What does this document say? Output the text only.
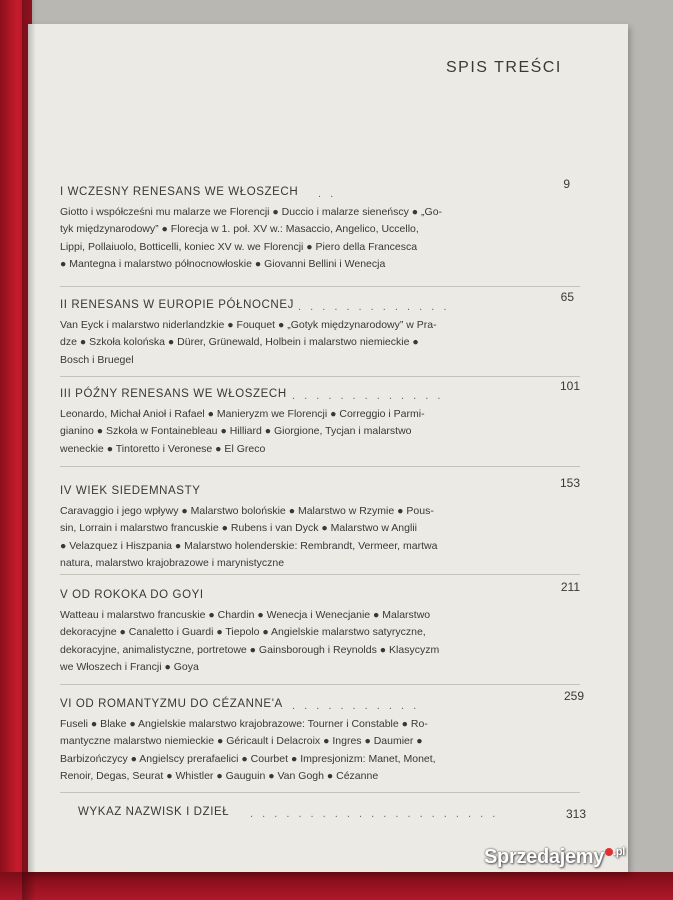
SPIS TREŚCI
I WCZESNY RENESANS WE WŁOSZECH . .
9
Giotto i współcześni mu malarze we Florencji ● Duccio i malarze sieneńscy ● „Go-
tyk międzynarodowy” ● Florecja w 1. poł. XV w.: Masaccio, Angelico, Uccello,
Lippi, Pollaiuolo, Botticelli, koniec XV w. we Florencji ● Piero della Francesca
● Mantegna i malarstwo północnowłoskie ● Giovanni Bellini i Wenecja
II RENESANS W EUROPIE PÓŁNOCNEJ . . . . . . . . . . . . .
65
Van Eyck i malarstwo niderlandzkie ● Fouquet ● „Gotyk międzynarodowy” w Pra-
dze ● Szkoła kolońska ● Dürer, Grünewald, Holbein i malarstwo niemieckie ●
Bosch i Bruegel
III PÓŹNY RENESANS WE WŁOSZECH . . . . . . . . . . . . .
101
Leonardo, Michał Anioł i Rafael ● Manieryzm we Florencji ● Correggio i Parmi-
gianino ● Szkoła w Fontainebleau ● Hilliard ● Giorgione, Tycjan i malarstwo
weneckie ● Tintoretto i Veronese ● El Greco
IV WIEK SIEDEMNASTY
153
Caravaggio i jego wpływy ● Malarstwo bolońskie ● Malarstwo w Rzymie ● Pous-
sin, Lorrain i malarstwo francuskie ● Rubens i van Dyck ● Malarstwo w Anglii
● Velazquez i Hiszpania ● Malarstwo holenderskie: Rembrandt, Vermeer, martwa
natura, malarstwo krajobrazowe i marynistyczne
V OD ROKOKA DO GOYI
211
Watteau i malarstwo francuskie ● Chardin ● Wenecja i Wenecjanie ● Malarstwo
dekoracyjne ● Canaletto i Guardi ● Tiepolo ● Angielskie malarstwo satyryczne,
dekoracyjne, animalistyczne, portretowe ● Gainsborough i Reynolds ● Klasycyzm
we Włoszech i Francji ● Goya
VI OD ROMANTYZMU DO CÉZANNE'A . . . . . . . . . . .
259
Fuseli ● Blake ● Angielskie malarstwo krajobrazowe: Tourner i Constable ● Ro-
mantyczne malarstwo niemieckie ● Géricault i Delacroix ● Ingres ● Daumier ●
Barbizończycy ● Angielscy prerafaelici ● Courbet ● Impresjonizm: Manet, Monet,
Renoir, Degas, Seurat ● Whistler ● Gauguin ● Van Gogh ● Cézanne
WYKAZ NAZWISK I DZIEŁ . . . . . . . . . . . . . . . . . . . . .	313
Sprzedajemy $^{.pl}$
